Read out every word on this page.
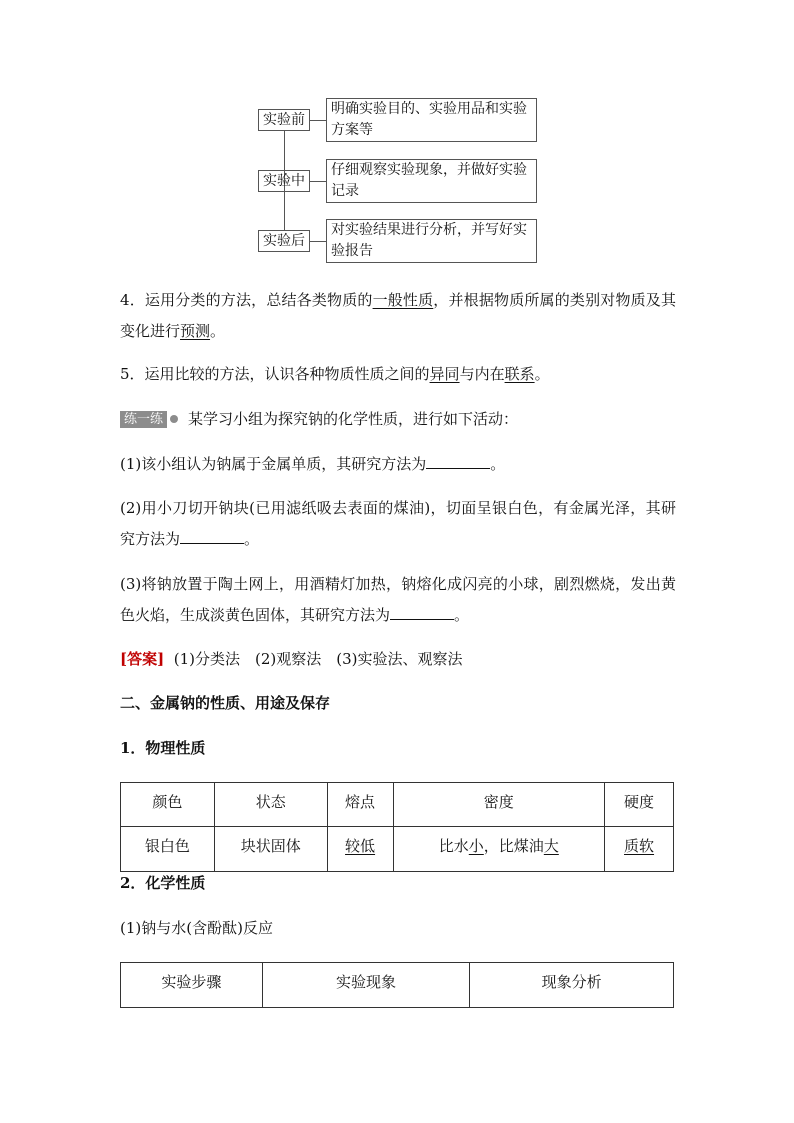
实验前
明确实验目的、实验用品和实验方案等
实验中
仔细观察实验现象，并做好实验记录
实验后
对实验结果进行分析，并写好实验报告
4．运用分类的方法，总结各类物质的一般性质，并根据物质所属的类别对物质及其变化进行预测。
5．运用比较的方法，认识各种物质性质之间的异同与内在联系。
练一练 某学习小组为探究钠的化学性质，进行如下活动：
(1)该小组认为钠属于金属单质，其研究方法为	。
(2)用小刀切开钠块(已用滤纸吸去表面的煤油)，切面呈银白色，有金属光泽，其研究方法为	。
(3)将钠放置于陶土网上，用酒精灯加热，钠熔化成闪亮的小球，剧烈燃烧，发出黄色火焰，生成淡黄色固体，其研究方法为	。
[答案] (1)分类法　(2)观察法　(3)实验法、观察法
二、金属钠的性质、用途及保存
1．物理性质
颜色	状态	熔点	密度	硬度
银白色	块状固体	较低	比水小，比煤油大	质软
2．化学性质
(1)钠与水(含酚酞)反应
实验步骤	实验现象	现象分析
